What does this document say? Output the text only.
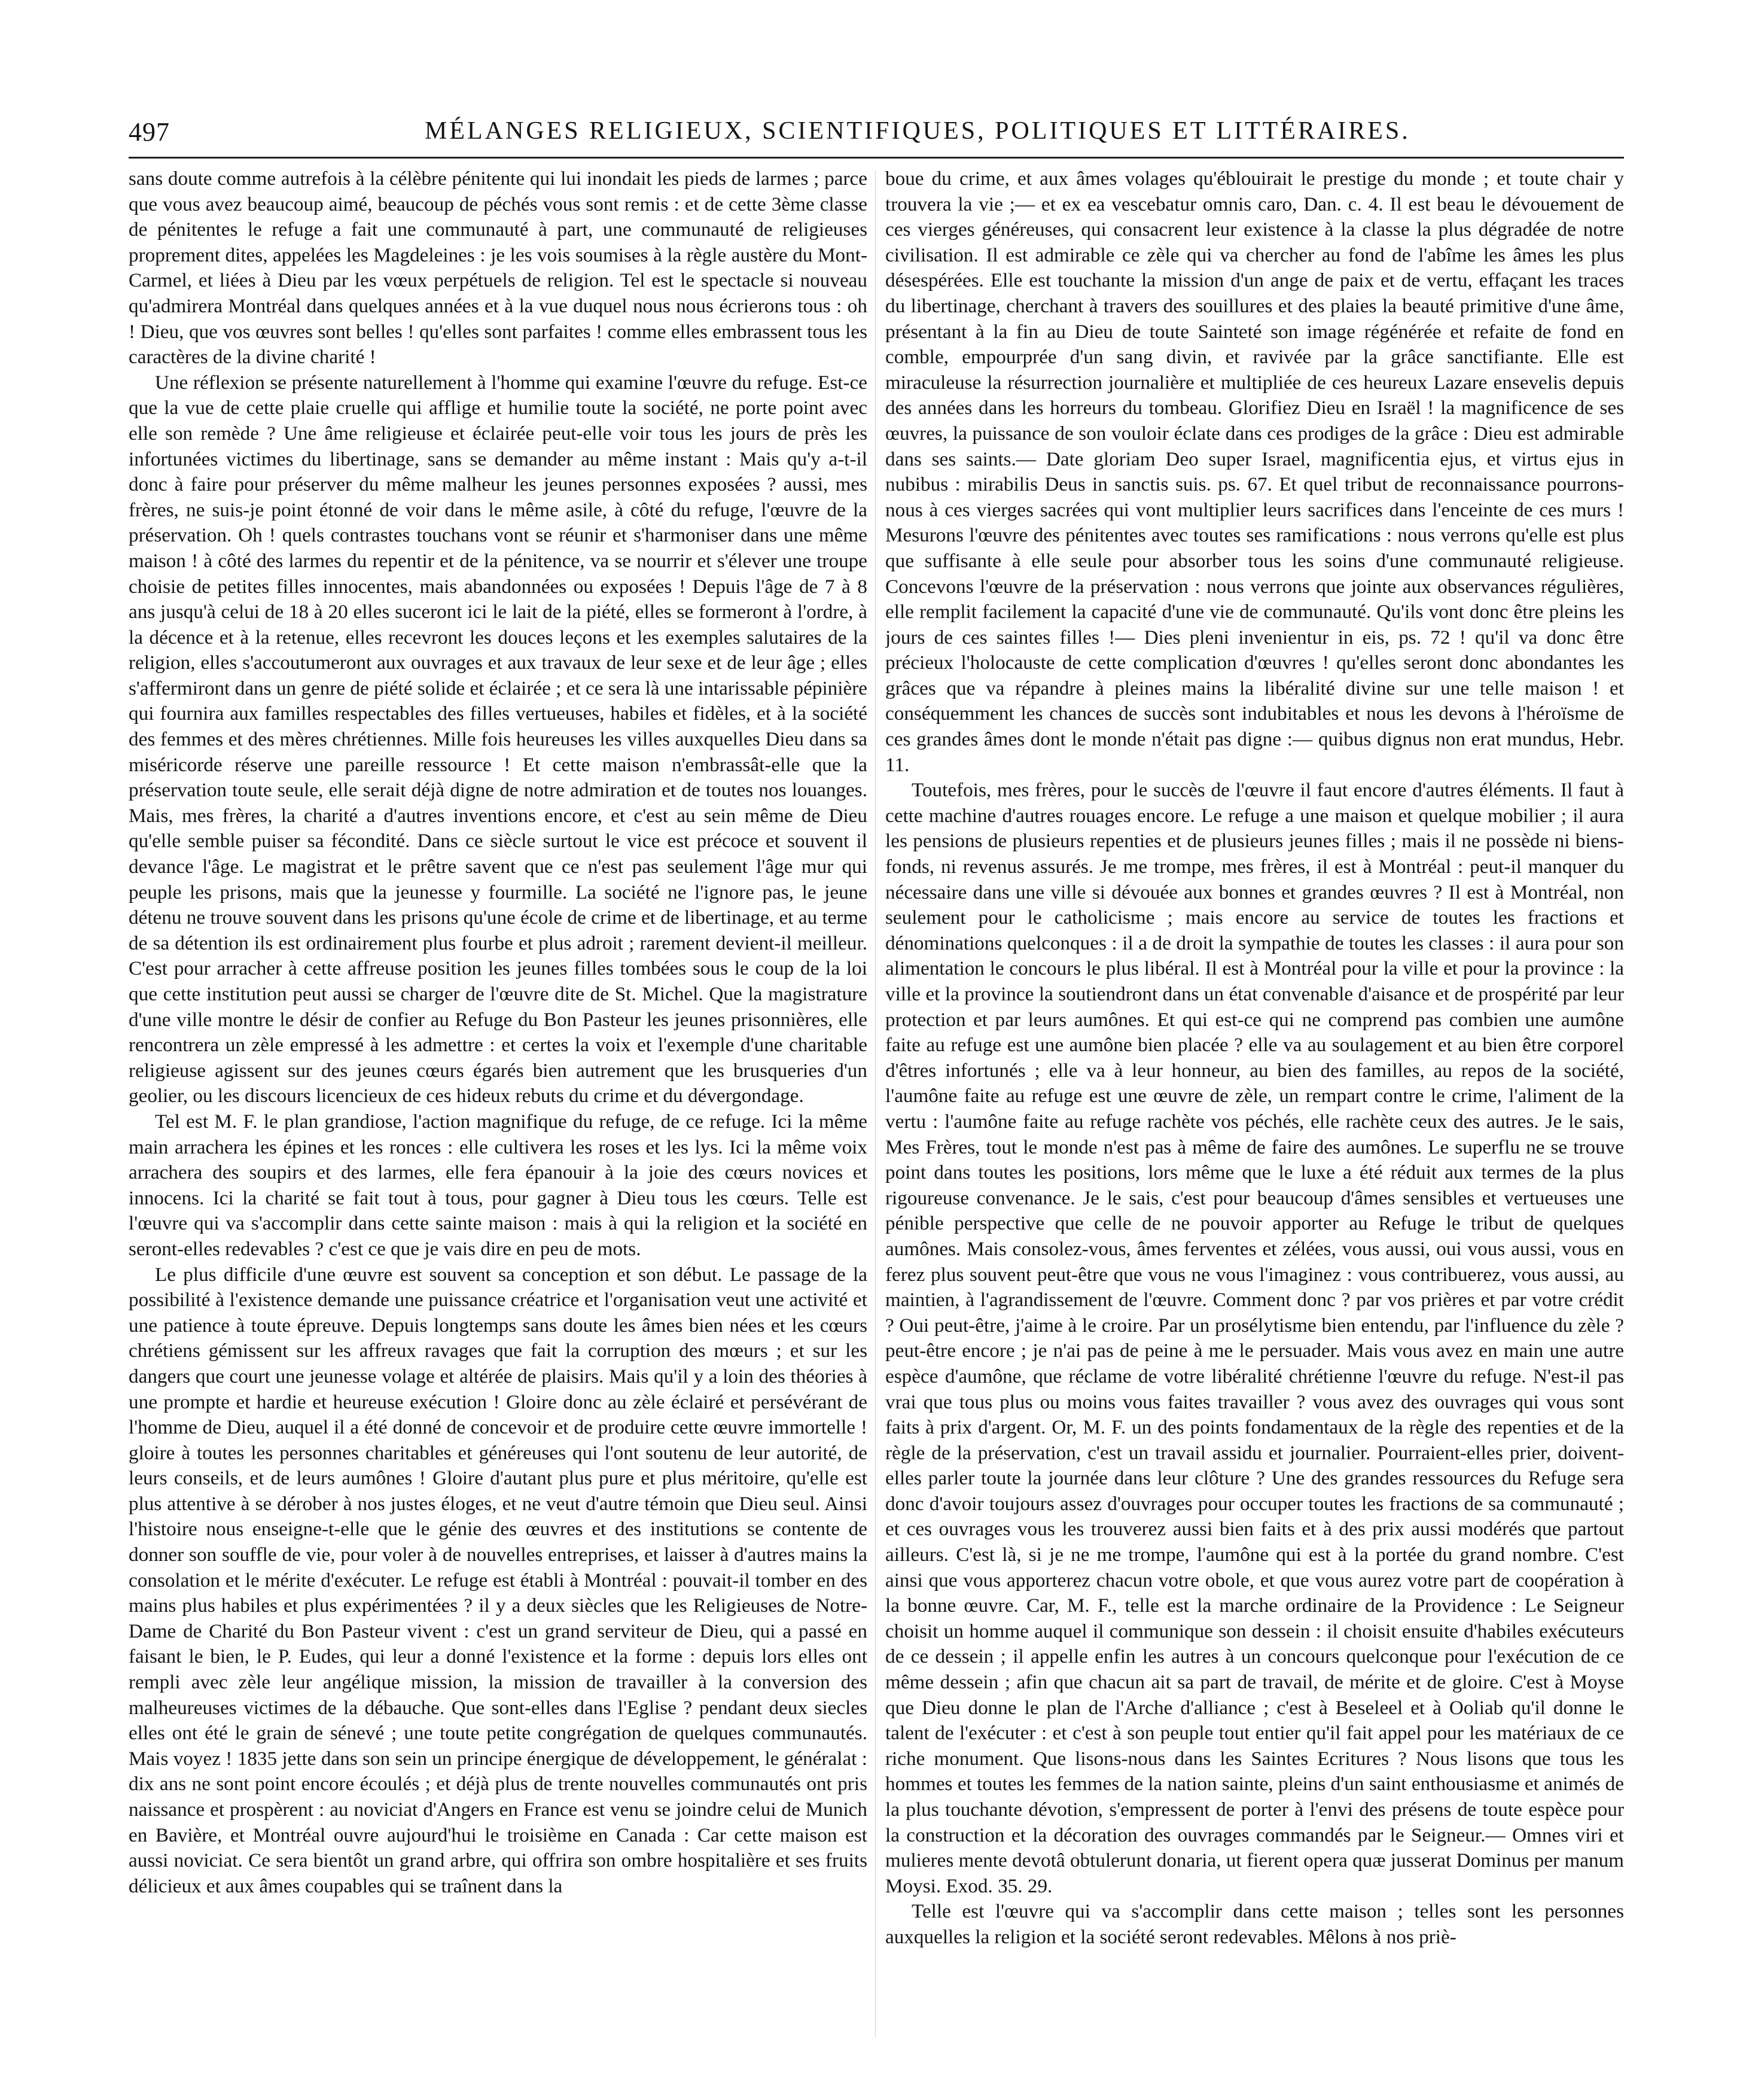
497	MÉLANGES RELIGIEUX, SCIENTIFIQUES, POLITIQUES ET LITTÉRAIRES.

sans doute comme autrefois à la célèbre pénitente qui lui inondait les pieds de larmes ; parce que vous avez beaucoup aimé, beaucoup de péchés vous sont remis : et de cette 3ème classe de pénitentes le refuge a fait une communauté à part, une communauté de religieuses proprement dites, appelées les Magdeleines : je les vois soumises à la règle austère du Mont-Carmel, et liées à Dieu par les vœux perpétuels de religion. Tel est le spectacle si nouveau qu'admirera Montréal dans quelques années et à la vue duquel nous nous écrierons tous : oh ! Dieu, que vos œuvres sont belles ! qu'elles sont parfaites ! comme elles embrassent tous les caractères de la divine charité !

Une réflexion se présente naturellement à l'homme qui examine l'œuvre du refuge. Est-ce que la vue de cette plaie cruelle qui afflige et humilie toute la société, ne porte point avec elle son remède ? Une âme religieuse et éclairée peut-elle voir tous les jours de près les infortunées victimes du libertinage, sans se demander au même instant : Mais qu'y a-t-il donc à faire pour préserver du même malheur les jeunes personnes exposées ? aussi, mes frères, ne suis-je point étonné de voir dans le même asile, à côté du refuge, l'œuvre de la préservation. Oh ! quels contrastes touchans vont se réunir et s'harmoniser dans une même maison ! à côté des larmes du repentir et de la pénitence, va se nourrir et s'élever une troupe choisie de petites filles innocentes, mais abandonnées ou exposées ! Depuis l'âge de 7 à 8 ans jusqu'à celui de 18 à 20 elles suceront ici le lait de la piété, elles se formeront à l'ordre, à la décence et à la retenue, elles recevront les douces leçons et les exemples salutaires de la religion, elles s'accoutumeront aux ouvrages et aux travaux de leur sexe et de leur âge ; elles s'affermiront dans un genre de piété solide et éclairée ; et ce sera là une intarissable pépinière qui fournira aux familles respectables des filles vertueuses, habiles et fidèles, et à la société des femmes et des mères chrétiennes. Mille fois heureuses les villes auxquelles Dieu dans sa miséricorde réserve une pareille ressource ! Et cette maison n'embrassât-elle que la préservation toute seule, elle serait déjà digne de notre admiration et de toutes nos louanges. Mais, mes frères, la charité a d'autres inventions encore, et c'est au sein même de Dieu qu'elle semble puiser sa fécondité. Dans ce siècle surtout le vice est précoce et souvent il devance l'âge. Le magistrat et le prêtre savent que ce n'est pas seulement l'âge mur qui peuple les prisons, mais que la jeunesse y fourmille. La société ne l'ignore pas, le jeune détenu ne trouve souvent dans les prisons qu'une école de crime et de libertinage, et au terme de sa détention ils est ordinairement plus fourbe et plus adroit ; rarement devient-il meilleur. C'est pour arracher à cette affreuse position les jeunes filles tombées sous le coup de la loi que cette institution peut aussi se charger de l'œuvre dite de St. Michel. Que la magistrature d'une ville montre le désir de confier au Refuge du Bon Pasteur les jeunes prisonnières, elle rencontrera un zèle empressé à les admettre : et certes la voix et l'exemple d'une charitable religieuse agissent sur des jeunes cœurs égarés bien autrement que les brusqueries d'un geolier, ou les discours licencieux de ces hideux rebuts du crime et du dévergondage.

Tel est M. F. le plan grandiose, l'action magnifique du refuge, de ce refuge. Ici la même main arrachera les épines et les ronces : elle cultivera les roses et les lys. Ici la même voix arrachera des soupirs et des larmes, elle fera épanouir à la joie des cœurs novices et innocens. Ici la charité se fait tout à tous, pour gagner à Dieu tous les cœurs. Telle est l'œuvre qui va s'accomplir dans cette sainte maison : mais à qui la religion et la société en seront-elles redevables ? c'est ce que je vais dire en peu de mots.

Le plus difficile d'une œuvre est souvent sa conception et son début. Le passage de la possibilité à l'existence demande une puissance créatrice et l'organisation veut une activité et une patience à toute épreuve. Depuis longtemps sans doute les âmes bien nées et les cœurs chrétiens gémissent sur les affreux ravages que fait la corruption des mœurs ; et sur les dangers que court une jeunesse volage et altérée de plaisirs. Mais qu'il y a loin des théories à une prompte et hardie et heureuse exécution ! Gloire donc au zèle éclairé et persévérant de l'homme de Dieu, auquel il a été donné de concevoir et de produire cette œuvre immortelle ! gloire à toutes les personnes charitables et généreuses qui l'ont soutenu de leur autorité, de leurs conseils, et de leurs aumônes ! Gloire d'autant plus pure et plus méritoire, qu'elle est plus attentive à se dérober à nos justes éloges, et ne veut d'autre témoin que Dieu seul. Ainsi l'histoire nous enseigne-t-elle que le génie des œuvres et des institutions se contente de donner son souffle de vie, pour voler à de nouvelles entreprises, et laisser à d'autres mains la consolation et le mérite d'exécuter. Le refuge est établi à Montréal : pouvait-il tomber en des mains plus habiles et plus expérimentées ? il y a deux siècles que les Religieuses de Notre-Dame de Charité du Bon Pasteur vivent : c'est un grand serviteur de Dieu, qui a passé en faisant le bien, le P. Eudes, qui leur a donné l'existence et la forme : depuis lors elles ont rempli avec zèle leur angélique mission, la mission de travailler à la conversion des malheureuses victimes de la débauche. Que sont-elles dans l'Eglise ? pendant deux siecles elles ont été le grain de sénevé ; une toute petite congrégation de quelques communautés. Mais voyez ! 1835 jette dans son sein un principe énergique de développement, le généralat : dix ans ne sont point encore écoulés ; et déjà plus de trente nouvelles communautés ont pris naissance et prospèrent : au noviciat d'Angers en France est venu se joindre celui de Munich en Bavière, et Montréal ouvre aujourd'hui le troisième en Canada : Car cette maison est aussi noviciat. Ce sera bientôt un grand arbre, qui offrira son ombre hospitalière et ses fruits délicieux et aux âmes coupables qui se traînent dans la

boue du crime, et aux âmes volages qu'éblouirait le prestige du monde ; et toute chair y trouvera la vie ;— et ex ea vescebatur omnis caro, Dan. c. 4. Il est beau le dévouement de ces vierges généreuses, qui consacrent leur existence à la classe la plus dégradée de notre civilisation. Il est admirable ce zèle qui va chercher au fond de l'abîme les âmes les plus désespérées. Elle est touchante la mission d'un ange de paix et de vertu, effaçant les traces du libertinage, cherchant à travers des souillures et des plaies la beauté primitive d'une âme, présentant à la fin au Dieu de toute Sainteté son image régénérée et refaite de fond en comble, empourprée d'un sang divin, et ravivée par la grâce sanctifiante. Elle est miraculeuse la résurrection journalière et multipliée de ces heureux Lazare ensevelis depuis des années dans les horreurs du tombeau. Glorifiez Dieu en Israël ! la magnificence de ses œuvres, la puissance de son vouloir éclate dans ces prodiges de la grâce : Dieu est admirable dans ses saints.— Date gloriam Deo super Israel, magnificentia ejus, et virtus ejus in nubibus : mirabilis Deus in sanctis suis. ps. 67. Et quel tribut de reconnaissance pourrons-nous à ces vierges sacrées qui vont multiplier leurs sacrifices dans l'enceinte de ces murs ! Mesurons l'œuvre des pénitentes avec toutes ses ramifications : nous verrons qu'elle est plus que suffisante à elle seule pour absorber tous les soins d'une communauté religieuse. Concevons l'œuvre de la préservation : nous verrons que jointe aux observances régulières, elle remplit facilement la capacité d'une vie de communauté. Qu'ils vont donc être pleins les jours de ces saintes filles !— Dies pleni invenientur in eis, ps. 72 ! qu'il va donc être précieux l'holocauste de cette complication d'œuvres ! qu'elles seront donc abondantes les grâces que va répandre à pleines mains la libéralité divine sur une telle maison ! et conséquemment les chances de succès sont indubitables et nous les devons à l'héroïsme de ces grandes âmes dont le monde n'était pas digne :— quibus dignus non erat mundus, Hebr. 11.

Toutefois, mes frères, pour le succès de l'œuvre il faut encore d'autres éléments. Il faut à cette machine d'autres rouages encore. Le refuge a une maison et quelque mobilier ; il aura les pensions de plusieurs repenties et de plusieurs jeunes filles ; mais il ne possède ni biens-fonds, ni revenus assurés. Je me trompe, mes frères, il est à Montréal : peut-il manquer du nécessaire dans une ville si dévouée aux bonnes et grandes œuvres ? Il est à Montréal, non seulement pour le catholicisme ; mais encore au service de toutes les fractions et dénominations quelconques : il a de droit la sympathie de toutes les classes : il aura pour son alimentation le concours le plus libéral. Il est à Montréal pour la ville et pour la province : la ville et la province la soutiendront dans un état convenable d'aisance et de prospérité par leur protection et par leurs aumônes. Et qui est-ce qui ne comprend pas combien une aumône faite au refuge est une aumône bien placée ? elle va au soulagement et au bien être corporel d'êtres infortunés ; elle va à leur honneur, au bien des familles, au repos de la société, l'aumône faite au refuge est une œuvre de zèle, un rempart contre le crime, l'aliment de la vertu : l'aumône faite au refuge rachète vos péchés, elle rachète ceux des autres. Je le sais, Mes Frères, tout le monde n'est pas à même de faire des aumônes. Le superflu ne se trouve point dans toutes les positions, lors même que le luxe a été réduit aux termes de la plus rigoureuse convenance. Je le sais, c'est pour beaucoup d'âmes sensibles et vertueuses une pénible perspective que celle de ne pouvoir apporter au Refuge le tribut de quelques aumônes. Mais consolez-vous, âmes ferventes et zélées, vous aussi, oui vous aussi, vous en ferez plus souvent peut-être que vous ne vous l'imaginez : vous contribuerez, vous aussi, au maintien, à l'agrandissement de l'œuvre. Comment donc ? par vos prières et par votre crédit ? Oui peut-être, j'aime à le croire. Par un prosélytisme bien entendu, par l'influence du zèle ? peut-être encore ; je n'ai pas de peine à me le persuader. Mais vous avez en main une autre espèce d'aumône, que réclame de votre libéralité chrétienne l'œuvre du refuge. N'est-il pas vrai que tous plus ou moins vous faites travailler ? vous avez des ouvrages qui vous sont faits à prix d'argent. Or, M. F. un des points fondamentaux de la règle des repenties et de la règle de la préservation, c'est un travail assidu et journalier. Pourraient-elles prier, doivent-elles parler toute la journée dans leur clôture ? Une des grandes ressources du Refuge sera donc d'avoir toujours assez d'ouvrages pour occuper toutes les fractions de sa communauté ; et ces ouvrages vous les trouverez aussi bien faits et à des prix aussi modérés que partout ailleurs. C'est là, si je ne me trompe, l'aumône qui est à la portée du grand nombre. C'est ainsi que vous apporterez chacun votre obole, et que vous aurez votre part de coopération à la bonne œuvre. Car, M. F., telle est la marche ordinaire de la Providence : Le Seigneur choisit un homme auquel il communique son dessein : il choisit ensuite d'habiles exécuteurs de ce dessein ; il appelle enfin les autres à un concours quelconque pour l'exécution de ce même dessein ; afin que chacun ait sa part de travail, de mérite et de gloire. C'est à Moyse que Dieu donne le plan de l'Arche d'alliance ; c'est à Beseleel et à Ooliab qu'il donne le talent de l'exécuter : et c'est à son peuple tout entier qu'il fait appel pour les matériaux de ce riche monument. Que lisons-nous dans les Saintes Ecritures ? Nous lisons que tous les hommes et toutes les femmes de la nation sainte, pleins d'un saint enthousiasme et animés de la plus touchante dévotion, s'empressent de porter à l'envi des présens de toute espèce pour la construction et la décoration des ouvrages commandés par le Seigneur.— Omnes viri et mulieres mente devotâ obtulerunt donaria, ut fierent opera quæ jusserat Dominus per manum Moysi. Exod. 35. 29.

Telle est l'œuvre qui va s'accomplir dans cette maison ; telles sont les personnes auxquelles la religion et la société seront redevables. Mêlons à nos priè-
